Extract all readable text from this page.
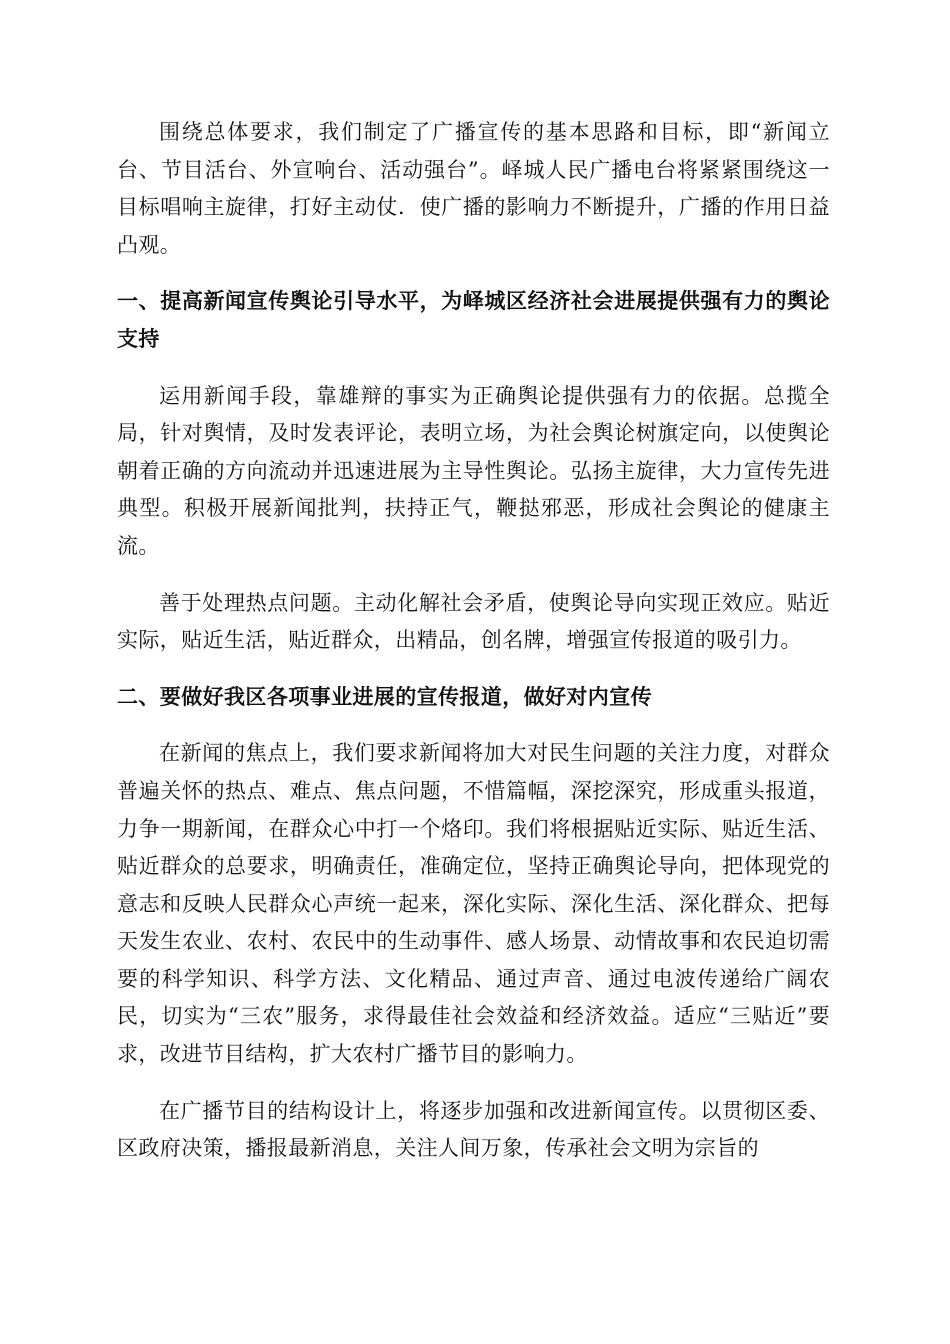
围绕总体要求，我们制定了广播宣传的基本思路和目标，即“新闻立台、节目活台、外宣响台、活动强台”。峄城人民广播电台将紧紧围绕这一目标唱响主旋律，打好主动仗．使广播的影响力不断提升，广播的作用日益凸观。

一、提高新闻宣传舆论引导水平，为峄城区经济社会进展提供强有力的舆论支持

运用新闻手段，靠雄辩的事实为正确舆论提供强有力的依据。总揽全局，针对舆情，及时发表评论，表明立场，为社会舆论树旗定向，以使舆论朝着正确的方向流动并迅速进展为主导性舆论。弘扬主旋律，大力宣传先进典型。积极开展新闻批判，扶持正气，鞭挞邪恶，形成社会舆论的健康主流。

善于处理热点问题。主动化解社会矛盾，使舆论导向实现正效应。贴近实际，贴近生活，贴近群众，出精品，创名牌，增强宣传报道的吸引力。

二、要做好我区各项事业进展的宣传报道，做好对内宣传

在新闻的焦点上，我们要求新闻将加大对民生问题的关注力度，对群众普遍关怀的热点、难点、焦点问题，不惜篇幅，深挖深究，形成重头报道，力争一期新闻，在群众心中打一个烙印。我们将根据贴近实际、贴近生活、贴近群众的总要求，明确责任，准确定位，坚持正确舆论导向，把体现党的意志和反映人民群众心声统一起来，深化实际、深化生活、深化群众、把每天发生农业、农村、农民中的生动事件、感人场景、动情故事和农民迫切需要的科学知识、科学方法、文化精品、通过声音、通过电波传递给广阔农民，切实为“三农”服务，求得最佳社会效益和经济效益。适应“三贴近”要求，改进节目结构，扩大农村广播节目的影响力。

在广播节目的结构设计上，将逐步加强和改进新闻宣传。以贯彻区委、区政府决策，播报最新消息，关注人间万象，传承社会文明为宗旨的
